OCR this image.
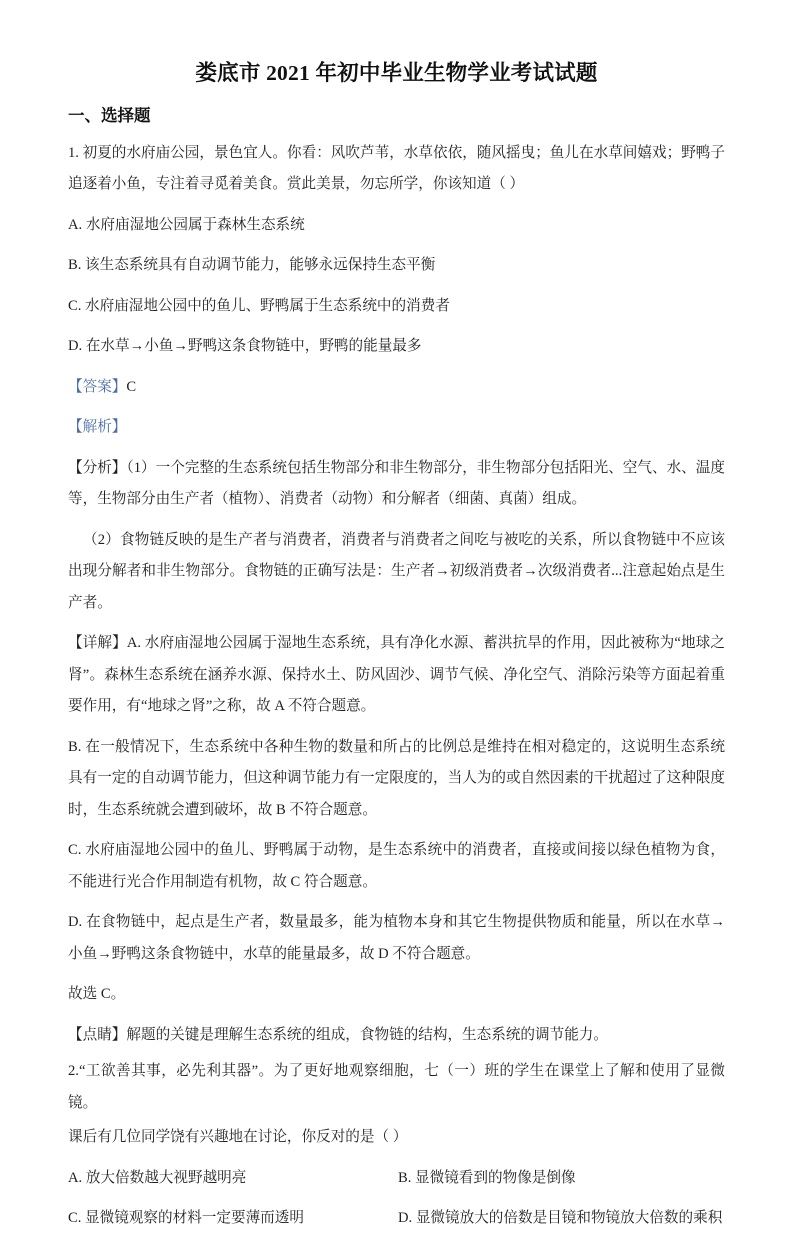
娄底市 2021 年初中毕业生物学业考试试题
一、选择题

1. 初夏的水府庙公园，景色宜人。你看：风吹芦苇，水草依依，随风摇曳；鱼儿在水草间嬉戏；野鸭子追逐着小鱼，专注着寻觅着美食。赏此美景，勿忘所学，你该知道（ ）

A. 水府庙湿地公园属于森林生态系统

B. 该生态系统具有自动调节能力，能够永远保持生态平衡

C. 水府庙湿地公园中的鱼儿、野鸭属于生态系统中的消费者

D. 在水草→小鱼→野鸭这条食物链中，野鸭的能量最多

【答案】C

【解析】

【分析】（1）一个完整的生态系统包括生物部分和非生物部分，非生物部分包括阳光、空气、水、温度等，生物部分由生产者（植物）、消费者（动物）和分解者（细菌、真菌）组成。

（2）食物链反映的是生产者与消费者，消费者与消费者之间吃与被吃的关系，所以食物链中不应该出现分解者和非生物部分。食物链的正确写法是：生产者→初级消费者→次级消费者...注意起始点是生产者。

【详解】A. 水府庙湿地公园属于湿地生态系统，具有净化水源、蓄洪抗旱的作用，因此被称为“地球之肾”。森林生态系统在涵养水源、保持水土、防风固沙、调节气候、净化空气、消除污染等方面起着重要作用，有“地球之肾”之称，故 A 不符合题意。

B. 在一般情况下，生态系统中各种生物的数量和所占的比例总是维持在相对稳定的，这说明生态系统具有一定的自动调节能力，但这种调节能力有一定限度的，当人为的或自然因素的干扰超过了这种限度时，生态系统就会遭到破坏，故 B 不符合题意。

C. 水府庙湿地公园中的鱼儿、野鸭属于动物，是生态系统中的消费者，直接或间接以绿色植物为食，不能进行光合作用制造有机物，故 C 符合题意。

D. 在食物链中，起点是生产者，数量最多，能为植物本身和其它生物提供物质和能量，所以在水草→小鱼→野鸭这条食物链中，水草的能量最多，故 D 不符合题意。

故选 C。

【点睛】解题的关键是理解生态系统的组成，食物链的结构，生态系统的调节能力。

2.“工欲善其事，必先利其器”。为了更好地观察细胞，七（一）班的学生在课堂上了解和使用了显微镜。

课后有几位同学饶有兴趣地在讨论，你反对的是（ ）

A. 放大倍数越大视野越明亮	B. 显微镜看到的物像是倒像
C. 显微镜观察的材料一定要薄而透明	D. 显微镜放大的倍数是目镜和物镜放大倍数的乘积
